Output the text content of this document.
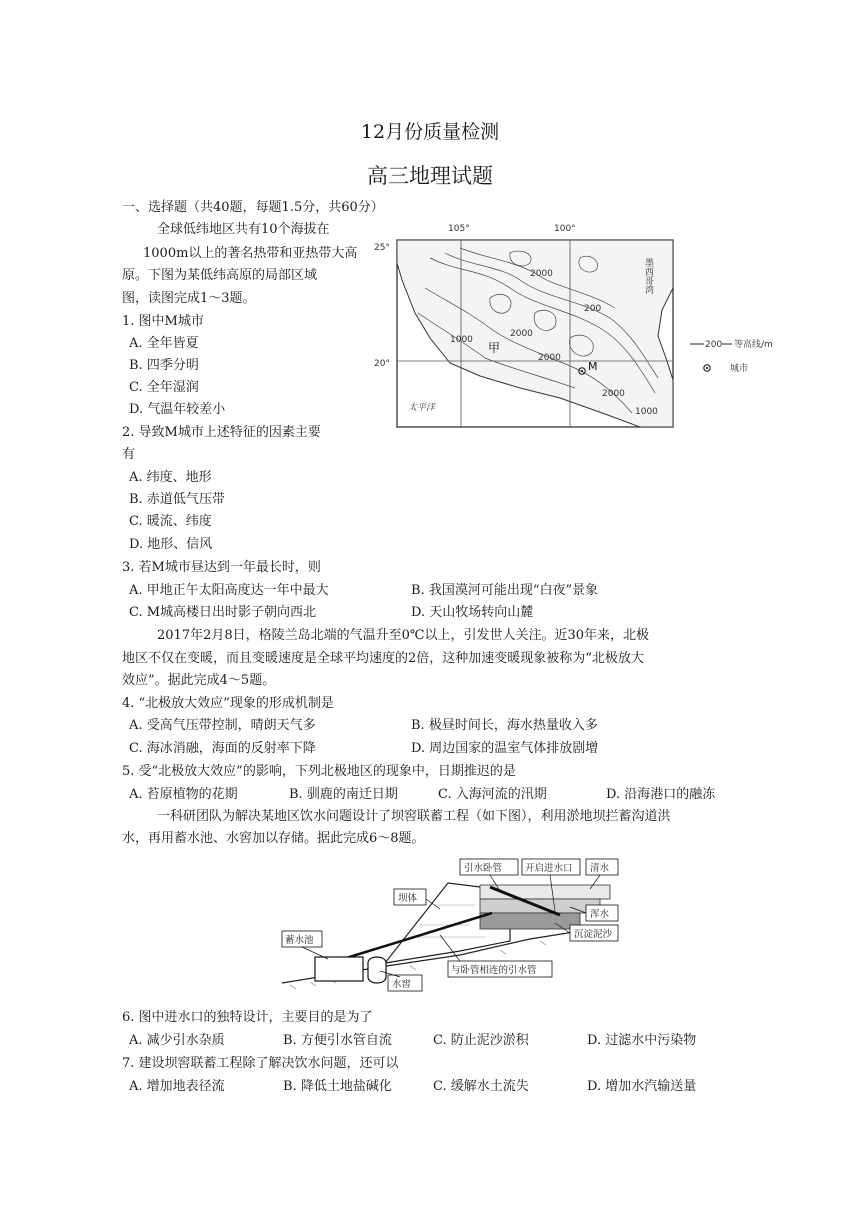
12月份质量检测
高三地理试题
一、选择题（共40题，每题1.5分，共60分）
全球低纬地区共有10个海拔在
1000m以上的著名热带和亚热带大高
原。下图为某低纬高原的局部区域
图，读图完成1～3题。
1. 图中M城市
A. 全年皆夏
B. 四季分明
C. 全年湿润
D. 气温年较差小
2. 导致M城市上述特征的因素主要
有
A. 纬度、地形
B. 赤道低气压带
C. 暖流、纬度
D. 地形、信风
3. 若M城市昼达到一年最长时，则
A. 甲地正午太阳高度达一年中最大	B. 我国漠河可能出现“白夜”景象
C. M城高楼日出时影子朝向西北	D. 天山牧场转向山麓
2017年2月8日，格陵兰岛北端的气温升至0℃以上，引发世人关注。近30年来，北极
地区不仅在变暖，而且变暖速度是全球平均速度的2倍，这种加速变暖现象被称为“北极放大
效应”。据此完成4～5题。
4. “北极放大效应”现象的形成机制是
A. 受高气压带控制，晴朗天气多	B. 极昼时间长，海水热量收入多
C. 海冰消融，海面的反射率下降	D. 周边国家的温室气体排放剧增
5. 受“北极放大效应”的影响，下列北极地区的现象中，日期推迟的是
A. 苔原植物的花期	B. 驯鹿的南迁日期	C. 入海河流的汛期	D. 沿海港口的融冻
一科研团队为解决某地区饮水问题设计了坝窖联蓄工程（如下图），利用淤地坝拦蓄沟道洪
水，再用蓄水池、水窖加以存储。据此完成6～8题。
6. 图中进水口的独特设计，主要目的是为了
A. 减少引水杂质	B. 方便引水管自流	C. 防止泥沙淤积	D. 过滤水中污染物
7. 建设坝窖联蓄工程除了解决饮水问题，还可以
A. 增加地表径流	B. 降低土地盐碱化	C. 缓解水土流失	D. 增加水汽输送量
105°	100°
25°
20°
2000
2000
2000
200
2000
1000
1000
甲
M
太平洋
墨西哥湾
200 等高线/m
城市
引水卧管 开启进水口 清水
坝体
浑水
沉淀泥沙
蓄水池
与卧管相连的引水管
水窖
